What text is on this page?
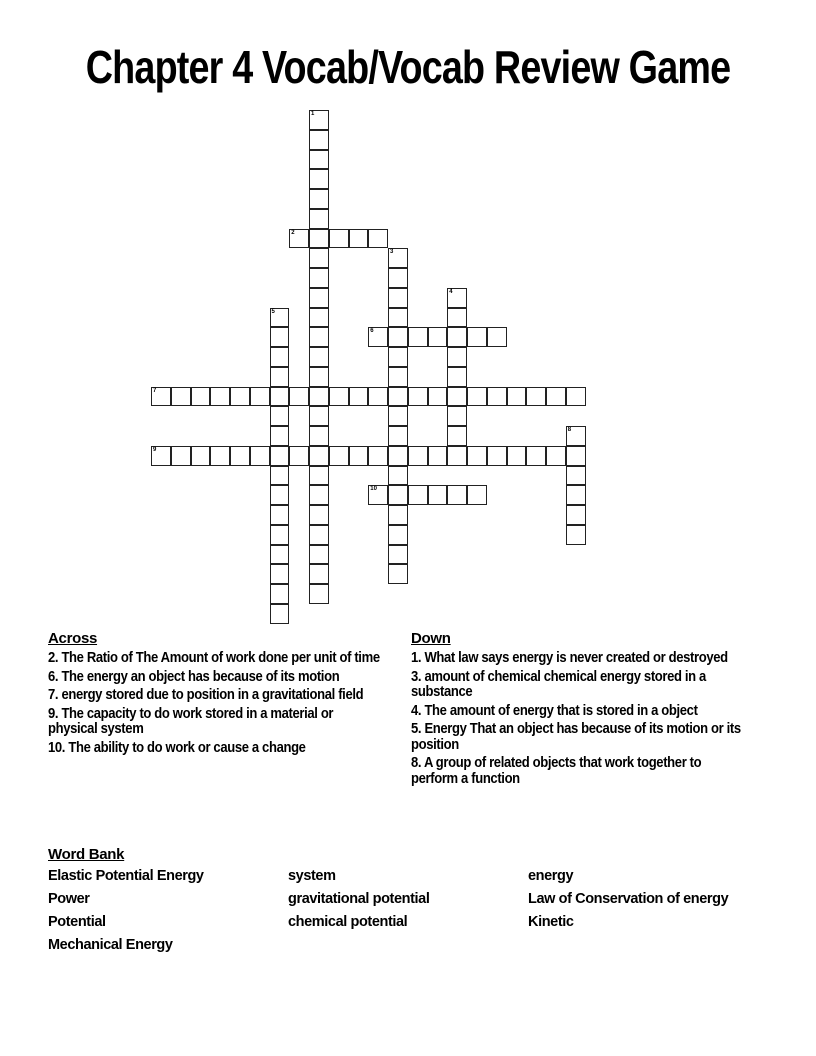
Chapter 4 Vocab/Vocab Review Game
1
2
3
4
5
6
7
8
9
10
Across
2. The Ratio of The Amount of work done per unit of time
6. The energy an object has because of its motion
7. energy stored due to position in a gravitational field
9. The capacity to do work stored in a material or physical system
10. The ability to do work or cause a change
Down
1. What law says energy is never created or destroyed
3. amount of chemical chemical energy stored in a substance
4. The amount of energy that is stored in a object
5. Energy That an object has because of its motion or its position
8. A group of related objects that work together to perform a function
Word Bank
Elastic Potential Energy	system	energy
Power	gravitational potential	Law of Conservation of energy
Potential	chemical potential	Kinetic
Mechanical Energy
